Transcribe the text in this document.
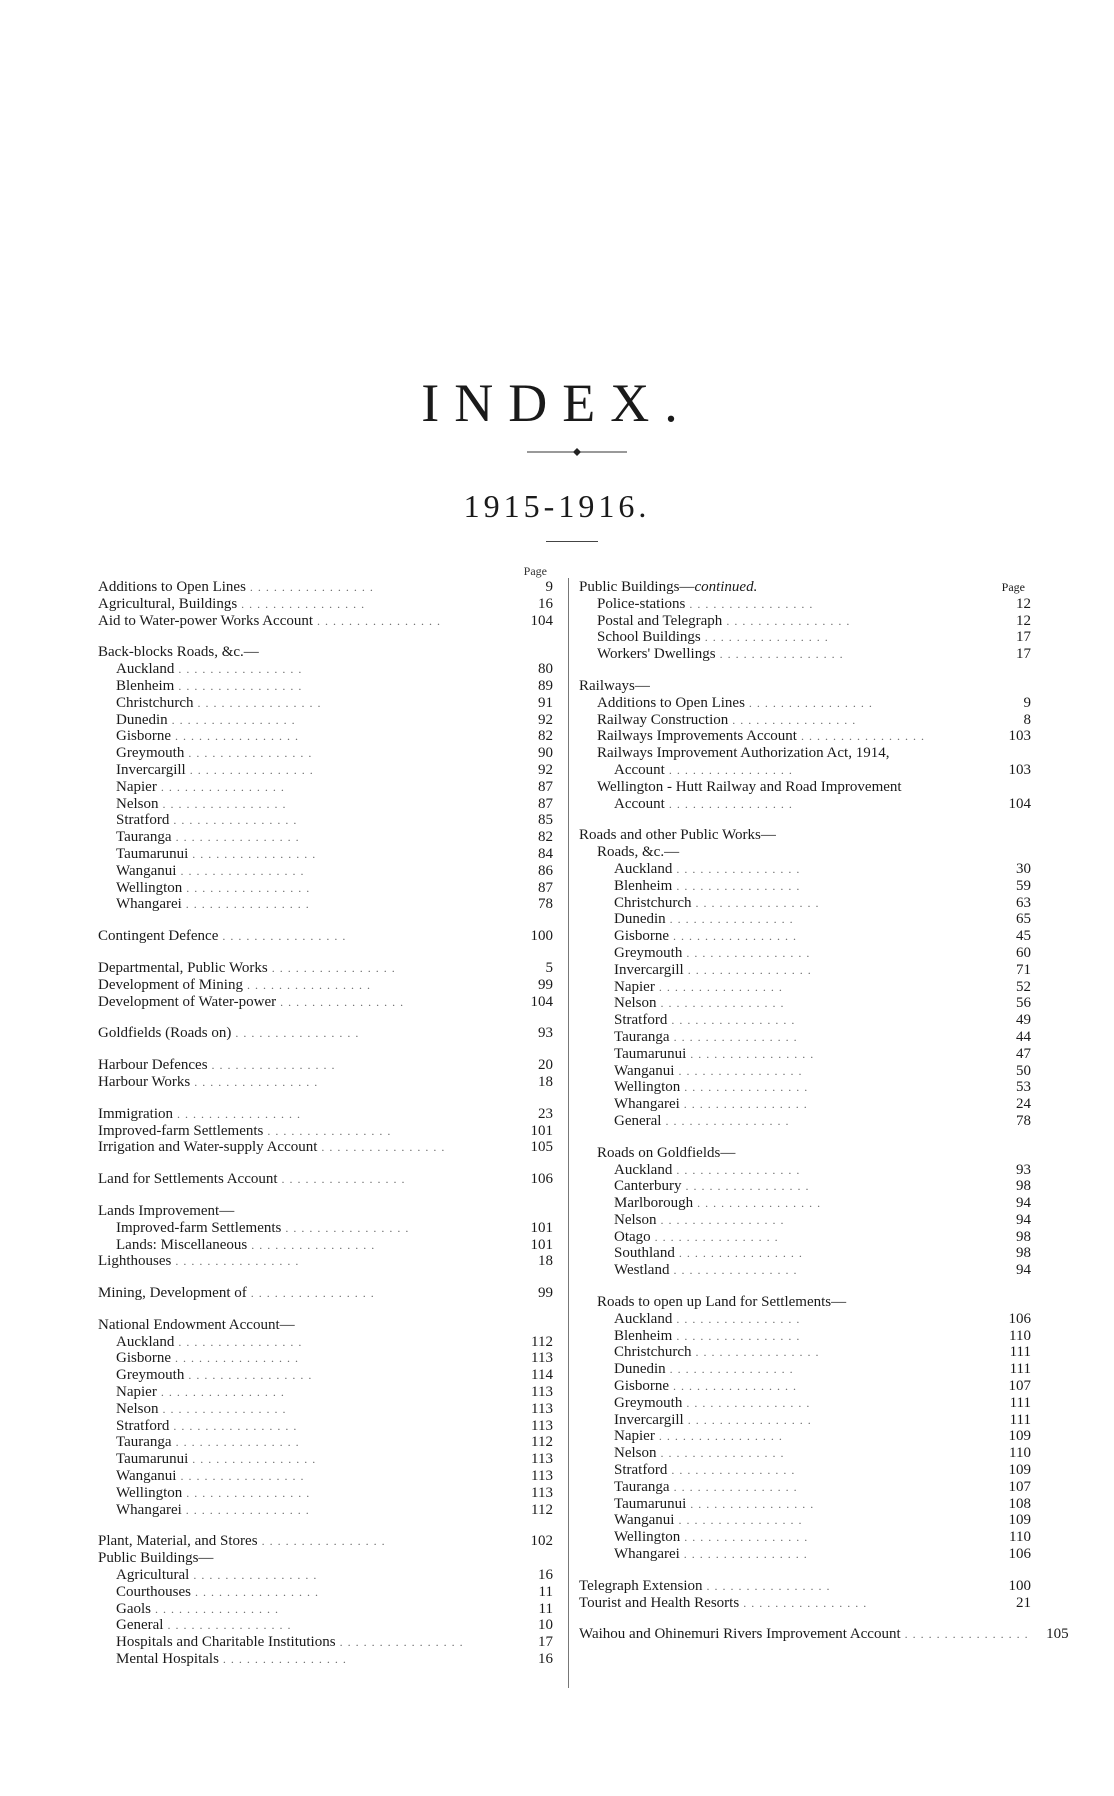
INDEX.
1915-1916.
Page
Additions to Open Lines . . . . . . . . . . . . . . . .	9
Agricultural, Buildings . . . . . . . . . . . . . . . .	16
Aid to Water-power Works Account . . . . . . . . . . . . . . . .	104
Back-blocks Roads, &c.—
Auckland . . . . . . . . . . . . . . . .	80
Blenheim . . . . . . . . . . . . . . . .	89
Christchurch . . . . . . . . . . . . . . . .	91
Dunedin . . . . . . . . . . . . . . . .	92
Gisborne . . . . . . . . . . . . . . . .	82
Greymouth . . . . . . . . . . . . . . . .	90
Invercargill . . . . . . . . . . . . . . . .	92
Napier . . . . . . . . . . . . . . . .	87
Nelson . . . . . . . . . . . . . . . .	87
Stratford . . . . . . . . . . . . . . . .	85
Tauranga . . . . . . . . . . . . . . . .	82
Taumarunui . . . . . . . . . . . . . . . .	84
Wanganui . . . . . . . . . . . . . . . .	86
Wellington . . . . . . . . . . . . . . . .	87
Whangarei . . . . . . . . . . . . . . . .	78
Contingent Defence . . . . . . . . . . . . . . . .	100
Departmental, Public Works . . . . . . . . . . . . . . . .	5
Development of Mining . . . . . . . . . . . . . . . .	99
Development of Water-power . . . . . . . . . . . . . . . .	104
Goldfields (Roads on) . . . . . . . . . . . . . . . .	93
Harbour Defences . . . . . . . . . . . . . . . .	20
Harbour Works . . . . . . . . . . . . . . . .	18
Immigration . . . . . . . . . . . . . . . .	23
Improved-farm Settlements . . . . . . . . . . . . . . . .	101
Irrigation and Water-supply Account . . . . . . . . . . . . . . . .	105
Land for Settlements Account . . . . . . . . . . . . . . . .	106
Lands Improvement—
Improved-farm Settlements . . . . . . . . . . . . . . . .	101
Lands: Miscellaneous . . . . . . . . . . . . . . . .	101
Lighthouses . . . . . . . . . . . . . . . .	18
Mining, Development of . . . . . . . . . . . . . . . .	99
National Endowment Account—
Auckland . . . . . . . . . . . . . . . .	112
Gisborne . . . . . . . . . . . . . . . .	113
Greymouth . . . . . . . . . . . . . . . .	114
Napier . . . . . . . . . . . . . . . .	113
Nelson . . . . . . . . . . . . . . . .	113
Stratford . . . . . . . . . . . . . . . .	113
Tauranga . . . . . . . . . . . . . . . .	112
Taumarunui . . . . . . . . . . . . . . . .	113
Wanganui . . . . . . . . . . . . . . . .	113
Wellington . . . . . . . . . . . . . . . .	113
Whangarei . . . . . . . . . . . . . . . .	112
Plant, Material, and Stores . . . . . . . . . . . . . . . .	102
Public Buildings—
Agricultural . . . . . . . . . . . . . . . .	16
Courthouses . . . . . . . . . . . . . . . .	11
Gaols . . . . . . . . . . . . . . . .	11
General . . . . . . . . . . . . . . . .	10
Hospitals and Charitable Institutions . . . . . . . . . . . . . . . .	17
Mental Hospitals . . . . . . . . . . . . . . . .	16
Public Buildings—continued.	Page
Police-stations . . . . . . . . . . . . . . . .	12
Postal and Telegraph . . . . . . . . . . . . . . . .	12
School Buildings . . . . . . . . . . . . . . . .	17
Workers' Dwellings . . . . . . . . . . . . . . . .	17
Railways—
Additions to Open Lines . . . . . . . . . . . . . . . .	9
Railway Construction . . . . . . . . . . . . . . . .	8
Railways Improvements Account . . . . . . . . . . . . . . . .	103
Railways Improvement Authorization Act, 1914,
Account . . . . . . . . . . . . . . . .	103
Wellington - Hutt Railway and Road Improvement
Account . . . . . . . . . . . . . . . .	104
Roads and other Public Works—
Roads, &c.—
Auckland . . . . . . . . . . . . . . . .	30
Blenheim . . . . . . . . . . . . . . . .	59
Christchurch . . . . . . . . . . . . . . . .	63
Dunedin . . . . . . . . . . . . . . . .	65
Gisborne . . . . . . . . . . . . . . . .	45
Greymouth . . . . . . . . . . . . . . . .	60
Invercargill . . . . . . . . . . . . . . . .	71
Napier . . . . . . . . . . . . . . . .	52
Nelson . . . . . . . . . . . . . . . .	56
Stratford . . . . . . . . . . . . . . . .	49
Tauranga . . . . . . . . . . . . . . . .	44
Taumarunui . . . . . . . . . . . . . . . .	47
Wanganui . . . . . . . . . . . . . . . .	50
Wellington . . . . . . . . . . . . . . . .	53
Whangarei . . . . . . . . . . . . . . . .	24
General . . . . . . . . . . . . . . . .	78
Roads on Goldfields—
Auckland . . . . . . . . . . . . . . . .	93
Canterbury . . . . . . . . . . . . . . . .	98
Marlborough . . . . . . . . . . . . . . . .	94
Nelson . . . . . . . . . . . . . . . .	94
Otago . . . . . . . . . . . . . . . .	98
Southland . . . . . . . . . . . . . . . .	98
Westland . . . . . . . . . . . . . . . .	94
Roads to open up Land for Settlements—
Auckland . . . . . . . . . . . . . . . .	106
Blenheim . . . . . . . . . . . . . . . .	110
Christchurch . . . . . . . . . . . . . . . .	111
Dunedin . . . . . . . . . . . . . . . .	111
Gisborne . . . . . . . . . . . . . . . .	107
Greymouth . . . . . . . . . . . . . . . .	111
Invercargill . . . . . . . . . . . . . . . .	111
Napier . . . . . . . . . . . . . . . .	109
Nelson . . . . . . . . . . . . . . . .	110
Stratford . . . . . . . . . . . . . . . .	109
Tauranga . . . . . . . . . . . . . . . .	107
Taumarunui . . . . . . . . . . . . . . . .	108
Wanganui . . . . . . . . . . . . . . . .	109
Wellington . . . . . . . . . . . . . . . .	110
Whangarei . . . . . . . . . . . . . . . .	106
Telegraph Extension . . . . . . . . . . . . . . . .	100
Tourist and Health Resorts . . . . . . . . . . . . . . . .	21
Waihou and Ohinemuri Rivers Improvement Account . . . . . . . . . . . . . . . .	105
